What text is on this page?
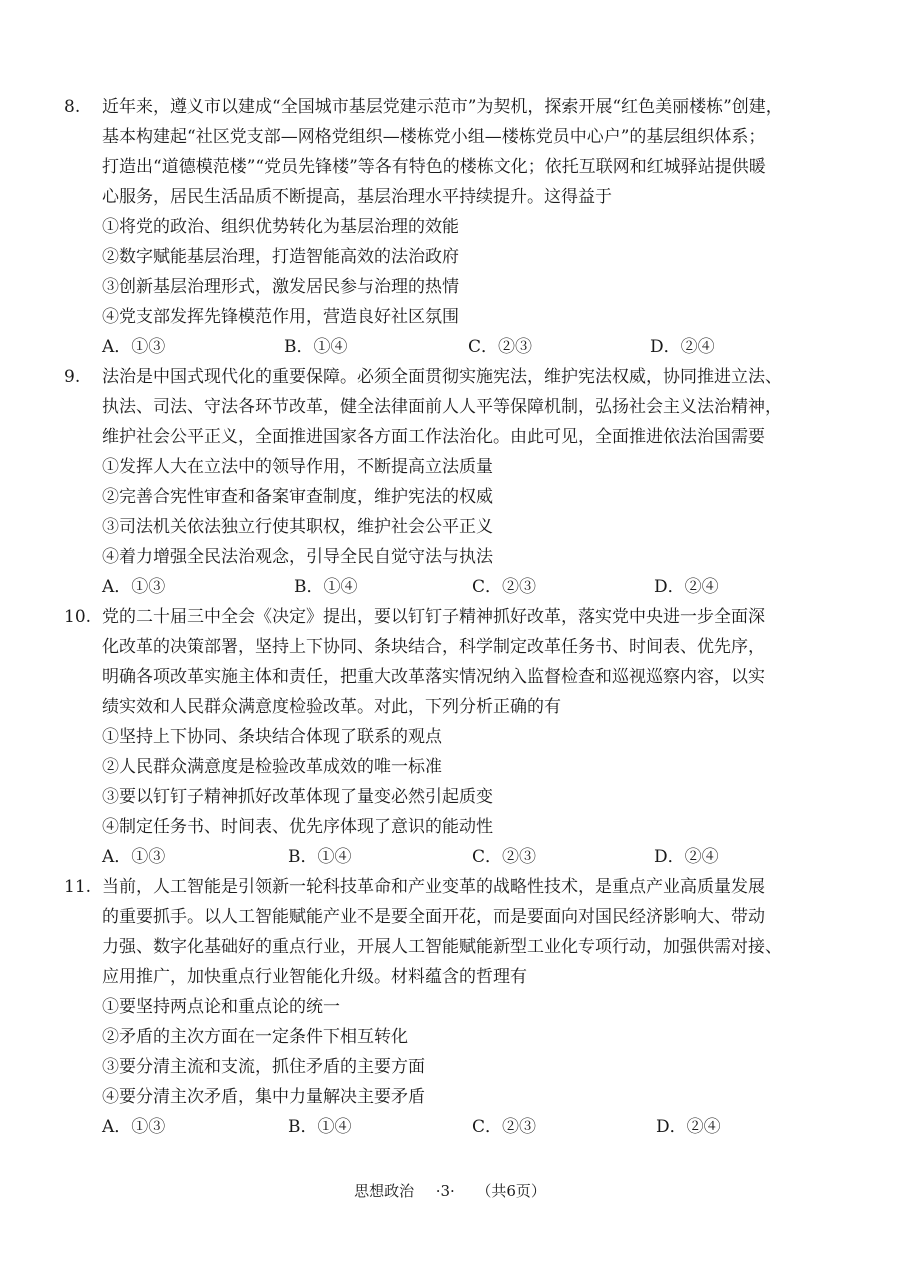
8. 近年来，遵义市以建成“全国城市基层党建示范市”为契机，探索开展“红色美丽楼栋”创建，
基本构建起“社区党支部—网格党组织—楼栋党小组—楼栋党员中心户”的基层组织体系；
打造出“道德模范楼”“党员先锋楼”等各有特色的楼栋文化；依托互联网和红城驿站提供暖
心服务，居民生活品质不断提高，基层治理水平持续提升。这得益于
①将党的政治、组织优势转化为基层治理的效能
②数字赋能基层治理，打造智能高效的法治政府
③创新基层治理形式，激发居民参与治理的热情
④党支部发挥先锋模范作用，营造良好社区氛围
A．①③	B．①④	C．②③	D．②④
9. 法治是中国式现代化的重要保障。必须全面贯彻实施宪法，维护宪法权威，协同推进立法、
执法、司法、守法各环节改革，健全法律面前人人平等保障机制，弘扬社会主义法治精神，
维护社会公平正义，全面推进国家各方面工作法治化。由此可见，全面推进依法治国需要
①发挥人大在立法中的领导作用，不断提高立法质量
②完善合宪性审查和备案审查制度，维护宪法的权威
③司法机关依法独立行使其职权，维护社会公平正义
④着力增强全民法治观念，引导全民自觉守法与执法
A．①③	B．①④	C．②③	D．②④
10. 党的二十届三中全会《决定》提出，要以钉钉子精神抓好改革，落实党中央进一步全面深
化改革的决策部署，坚持上下协同、条块结合，科学制定改革任务书、时间表、优先序，
明确各项改革实施主体和责任，把重大改革落实情况纳入监督检查和巡视巡察内容，以实
绩实效和人民群众满意度检验改革。对此，下列分析正确的有
①坚持上下协同、条块结合体现了联系的观点
②人民群众满意度是检验改革成效的唯一标准
③要以钉钉子精神抓好改革体现了量变必然引起质变
④制定任务书、时间表、优先序体现了意识的能动性
A．①③	B．①④	C．②③	D．②④
11. 当前，人工智能是引领新一轮科技革命和产业变革的战略性技术，是重点产业高质量发展
的重要抓手。以人工智能赋能产业不是要全面开花，而是要面向对国民经济影响大、带动
力强、数字化基础好的重点行业，开展人工智能赋能新型工业化专项行动，加强供需对接、
应用推广，加快重点行业智能化升级。材料蕴含的哲理有
①要坚持两点论和重点论的统一
②矛盾的主次方面在一定条件下相互转化
③要分清主流和支流，抓住矛盾的主要方面
④要分清主次矛盾，集中力量解决主要矛盾
A．①③	B．①④	C．②③	D．②④
思想政治 ·3· （共6页）
